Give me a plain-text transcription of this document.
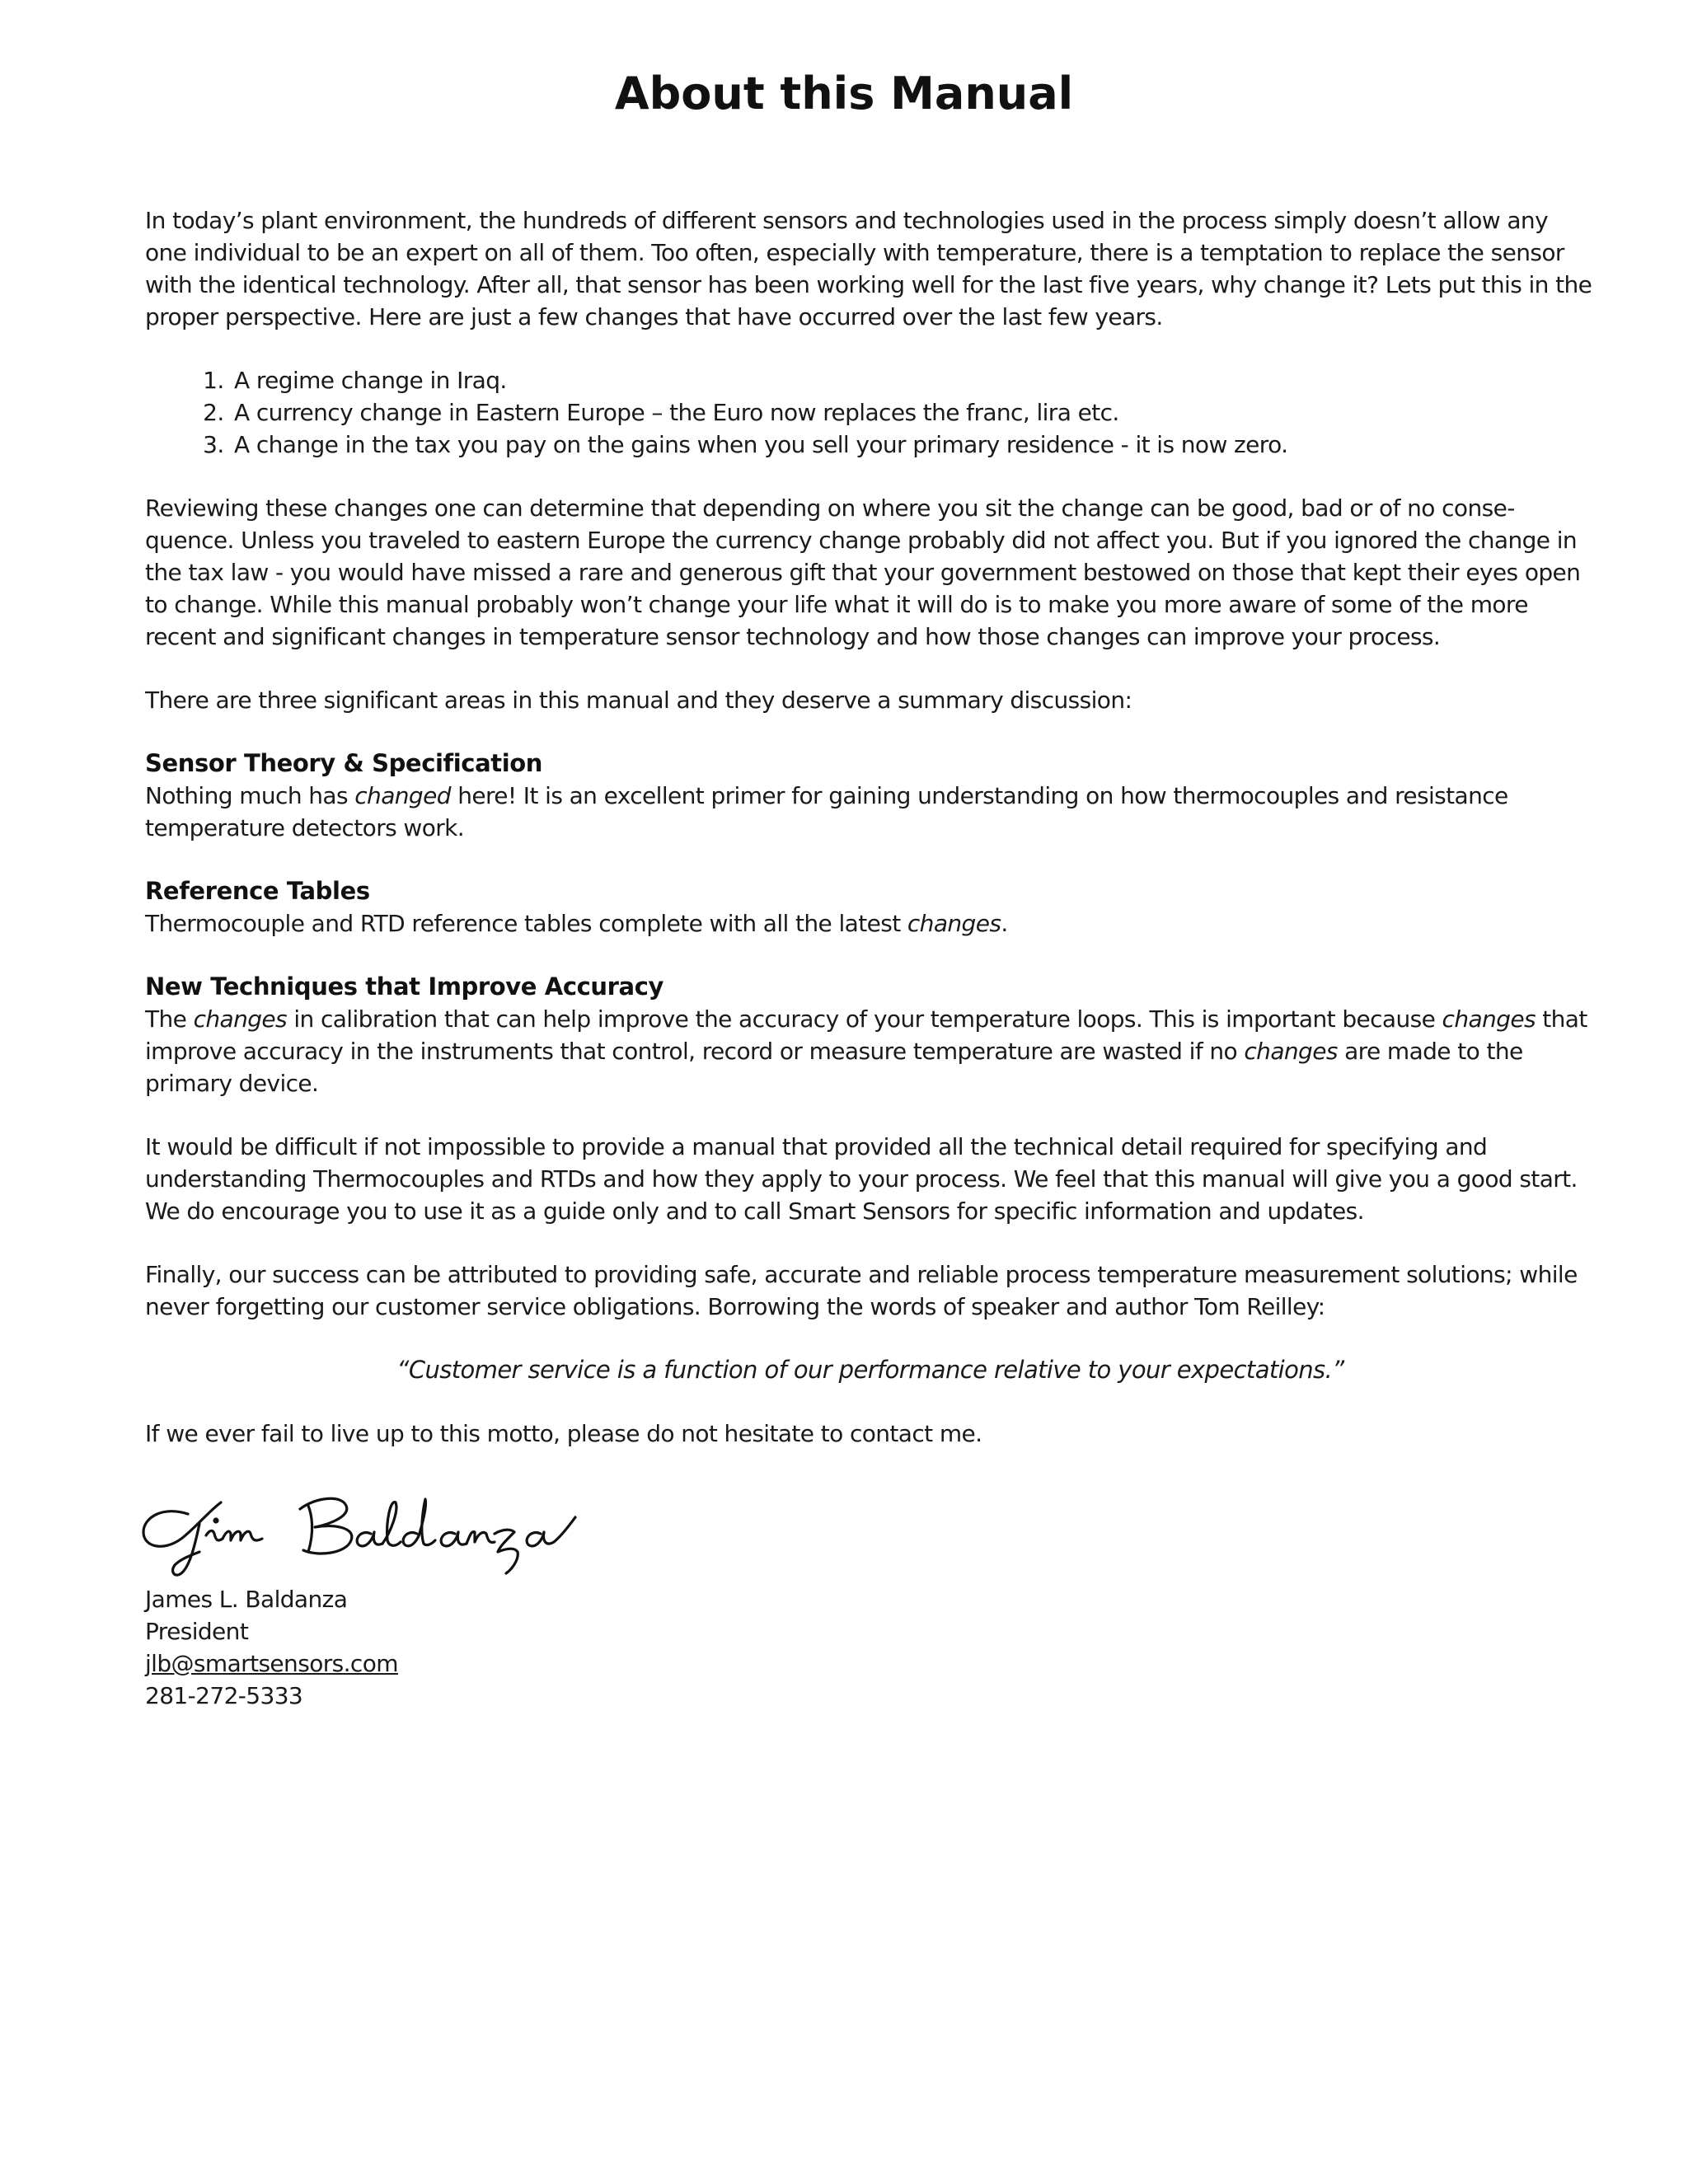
About this Manual

In today’s plant environment, the hundreds of different sensors and technologies used in the process simply doesn’t allow any one individual to be an expert on all of them. Too often, especially with temperature, there is a temptation to replace the sensor with the identical technology. After all, that sensor has been working well for the last five years, why change it? Lets put this in the proper perspective. Here are just a few changes that have occurred over the last few years.

1. A regime change in Iraq.
2. A currency change in Eastern Europe – the Euro now replaces the franc, lira etc.
3. A change in the tax you pay on the gains when you sell your primary residence - it is now zero.

Reviewing these changes one can determine that depending on where you sit the change can be good, bad or of no conse-quence. Unless you traveled to eastern Europe the currency change probably did not affect you. But if you ignored the change in the tax law - you would have missed a rare and generous gift that your government bestowed on those that kept their eyes open to change. While this manual probably won’t change your life what it will do is to make you more aware of some of the more recent and significant changes in temperature sensor technology and how those changes can improve your process.

There are three significant areas in this manual and they deserve a summary discussion:

Sensor Theory & Specification

Nothing much has changed here! It is an excellent primer for gaining understanding on how thermocouples and resistance temperature detectors work.

Reference Tables

Thermocouple and RTD reference tables complete with all the latest changes.

New Techniques that Improve Accuracy

The changes in calibration that can help improve the accuracy of your temperature loops. This is important because changes that improve accuracy in the instruments that control, record or measure temperature are wasted if no changes are made to the primary device.

It would be difficult if not impossible to provide a manual that provided all the technical detail required for specifying and understanding Thermocouples and RTDs and how they apply to your process. We feel that this manual will give you a good start. We do encourage you to use it as a guide only and to call Smart Sensors for specific information and updates.

Finally, our success can be attributed to providing safe, accurate and reliable process temperature measurement solutions; while never forgetting our customer service obligations. Borrowing the words of speaker and author Tom Reilley:

“Customer service is a function of our performance relative to your expectations.”

If we ever fail to live up to this motto, please do not hesitate to contact me.

James L. Baldanza

President

jlb@smartsensors.com

281-272-5333
